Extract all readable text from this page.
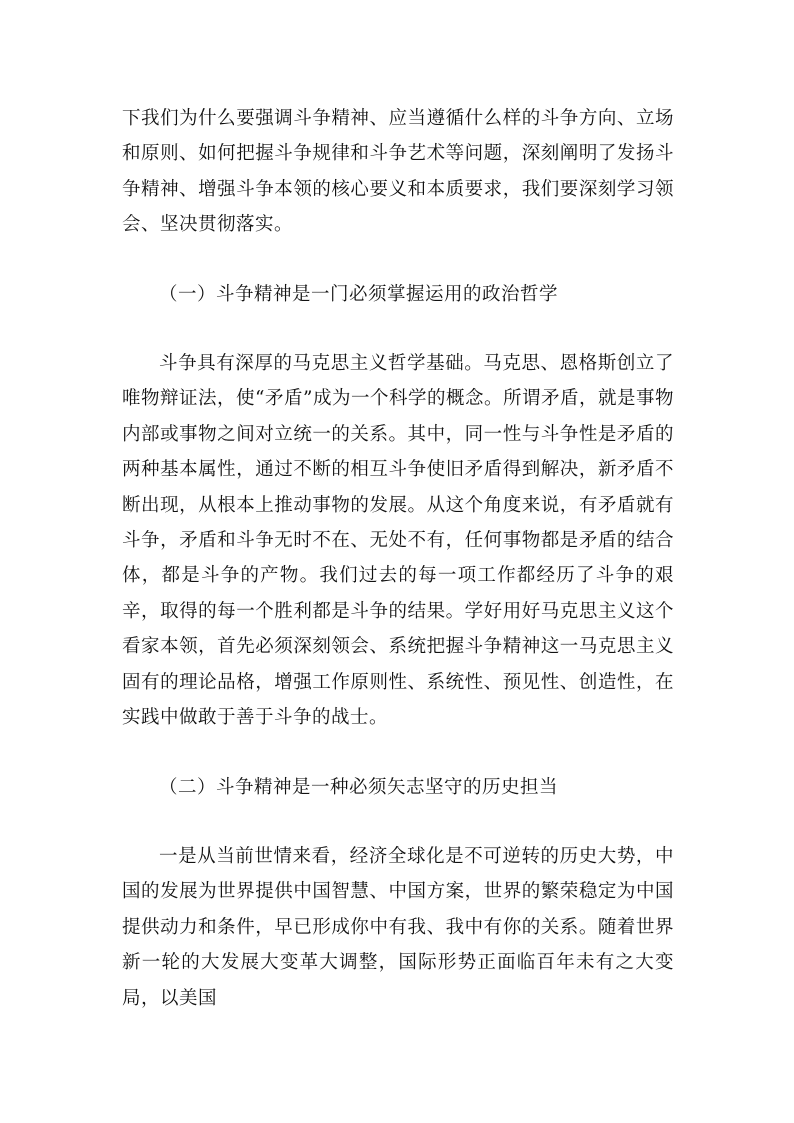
下我们为什么要强调斗争精神、应当遵循什么样的斗争方向、立场和原则、如何把握斗争规律和斗争艺术等问题，深刻阐明了发扬斗争精神、增强斗争本领的核心要义和本质要求，我们要深刻学习领会、坚决贯彻落实。

（一）斗争精神是一门必须掌握运用的政治哲学

斗争具有深厚的马克思主义哲学基础。马克思、恩格斯创立了唯物辩证法，使“矛盾”成为一个科学的概念。所谓矛盾，就是事物内部或事物之间对立统一的关系。其中，同一性与斗争性是矛盾的两种基本属性，通过不断的相互斗争使旧矛盾得到解决，新矛盾不断出现，从根本上推动事物的发展。从这个角度来说，有矛盾就有斗争，矛盾和斗争无时不在、无处不有，任何事物都是矛盾的结合体，都是斗争的产物。我们过去的每一项工作都经历了斗争的艰辛，取得的每一个胜利都是斗争的结果。学好用好马克思主义这个看家本领，首先必须深刻领会、系统把握斗争精神这一马克思主义固有的理论品格，增强工作原则性、系统性、预见性、创造性，在实践中做敢于善于斗争的战士。

（二）斗争精神是一种必须矢志坚守的历史担当

一是从当前世情来看，经济全球化是不可逆转的历史大势，中国的发展为世界提供中国智慧、中国方案，世界的繁荣稳定为中国提供动力和条件，早已形成你中有我、我中有你的关系。随着世界新一轮的大发展大变革大调整，国际形势正面临百年未有之大变局，以美国
